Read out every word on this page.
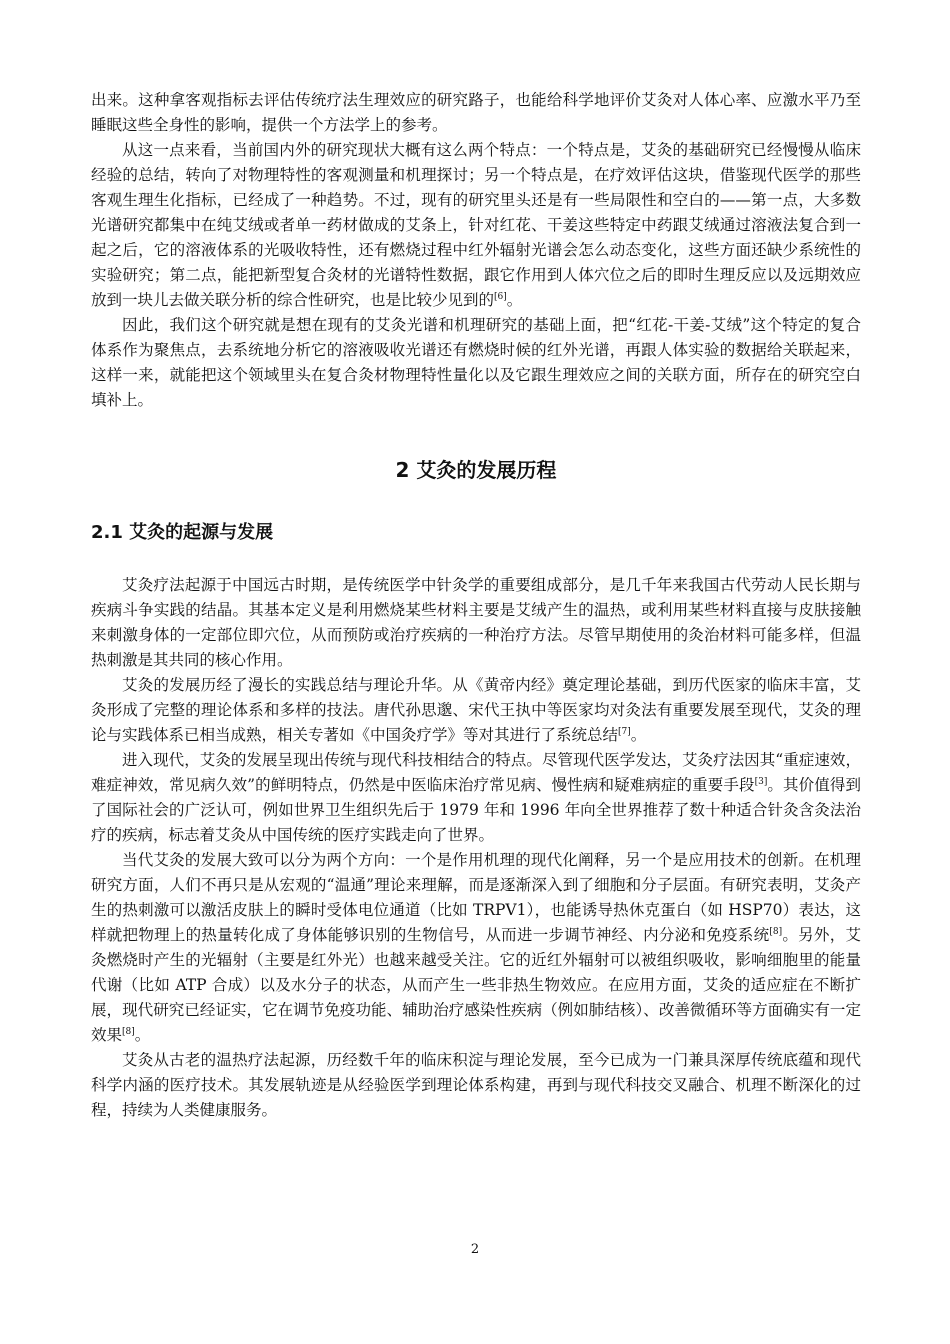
出来。这种拿客观指标去评估传统疗法生理效应的研究路子，也能给科学地评价艾灸对人体心率、应激水平乃至睡眠这些全身性的影响，提供一个方法学上的参考。

从这一点来看，当前国内外的研究现状大概有这么两个特点：一个特点是，艾灸的基础研究已经慢慢从临床经验的总结，转向了对物理特性的客观测量和机理探讨；另一个特点是，在疗效评估这块，借鉴现代医学的那些客观生理生化指标，已经成了一种趋势。不过，现有的研究里头还是有一些局限性和空白的——第一点，大多数光谱研究都集中在纯艾绒或者单一药材做成的艾条上，针对红花、干姜这些特定中药跟艾绒通过溶液法复合到一起之后，它的溶液体系的光吸收特性，还有燃烧过程中红外辐射光谱会怎么动态变化，这些方面还缺少系统性的实验研究；第二点，能把新型复合灸材的光谱特性数据，跟它作用到人体穴位之后的即时生理反应以及远期效应放到一块儿去做关联分析的综合性研究，也是比较少见到的[6]。

因此，我们这个研究就是想在现有的艾灸光谱和机理研究的基础上面，把“红花-干姜-艾绒”这个特定的复合体系作为聚焦点，去系统地分析它的溶液吸收光谱还有燃烧时候的红外光谱，再跟人体实验的数据给关联起来，这样一来，就能把这个领域里头在复合灸材物理特性量化以及它跟生理效应之间的关联方面，所存在的研究空白填补上。

2 艾灸的发展历程
2.1 艾灸的起源与发展

艾灸疗法起源于中国远古时期，是传统医学中针灸学的重要组成部分，是几千年来我国古代劳动人民长期与疾病斗争实践的结晶。其基本定义是利用燃烧某些材料主要是艾绒产生的温热，或利用某些材料直接与皮肤接触来刺激身体的一定部位即穴位，从而预防或治疗疾病的一种治疗方法。尽管早期使用的灸治材料可能多样，但温热刺激是其共同的核心作用。

艾灸的发展历经了漫长的实践总结与理论升华。从《黄帝内经》奠定理论基础，到历代医家的临床丰富，艾灸形成了完整的理论体系和多样的技法。唐代孙思邈、宋代王执中等医家均对灸法有重要发展至现代，艾灸的理论与实践体系已相当成熟，相关专著如《中国灸疗学》等对其进行了系统总结[7]。

进入现代，艾灸的发展呈现出传统与现代科技相结合的特点。尽管现代医学发达，艾灸疗法因其“重症速效，难症神效，常见病久效”的鲜明特点，仍然是中医临床治疗常见病、慢性病和疑难病症的重要手段[3]。其价值得到了国际社会的广泛认可，例如世界卫生组织先后于 1979 年和 1996 年向全世界推荐了数十种适合针灸含灸法治疗的疾病，标志着艾灸从中国传统的医疗实践走向了世界。

当代艾灸的发展大致可以分为两个方向：一个是作用机理的现代化阐释，另一个是应用技术的创新。在机理研究方面，人们不再只是从宏观的“温通”理论来理解，而是逐渐深入到了细胞和分子层面。有研究表明，艾灸产生的热刺激可以激活皮肤上的瞬时受体电位通道（比如 TRPV1），也能诱导热休克蛋白（如 HSP70）表达，这样就把物理上的热量转化成了身体能够识别的生物信号，从而进一步调节神经、内分泌和免疫系统[8]。另外，艾灸燃烧时产生的光辐射（主要是红外光）也越来越受关注。它的近红外辐射可以被组织吸收，影响细胞里的能量代谢（比如 ATP 合成）以及水分子的状态，从而产生一些非热生物效应。在应用方面，艾灸的适应症在不断扩展，现代研究已经证实，它在调节免疫功能、辅助治疗感染性疾病（例如肺结核）、改善微循环等方面确实有一定效果[8]。

艾灸从古老的温热疗法起源，历经数千年的临床积淀与理论发展，至今已成为一门兼具深厚传统底蕴和现代科学内涵的医疗技术。其发展轨迹是从经验医学到理论体系构建，再到与现代科技交叉融合、机理不断深化的过程，持续为人类健康服务。

2
